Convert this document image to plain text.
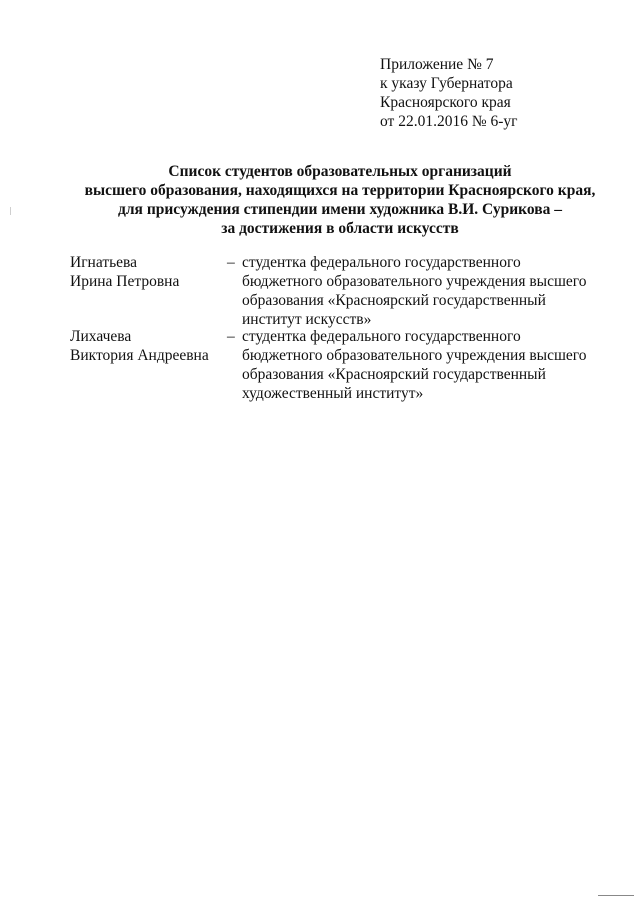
Приложение № 7
к указу Губернатора
Красноярского края
от 22.01.2016 № 6-уг
Список студентов образовательных организаций
высшего образования, находящихся на территории Красноярского края,
для присуждения стипендии имени художника В.И. Сурикова –
за достижения в области искусств
Игнатьева
Ирина Петровна
– студентка федерального государственного
бюджетного образовательного учреждения высшего
образования «Красноярский государственный
институт искусств»
Лихачева
Виктория Андреевна
– студентка федерального государственного
бюджетного образовательного учреждения высшего
образования «Красноярский государственный
художественный институт»
